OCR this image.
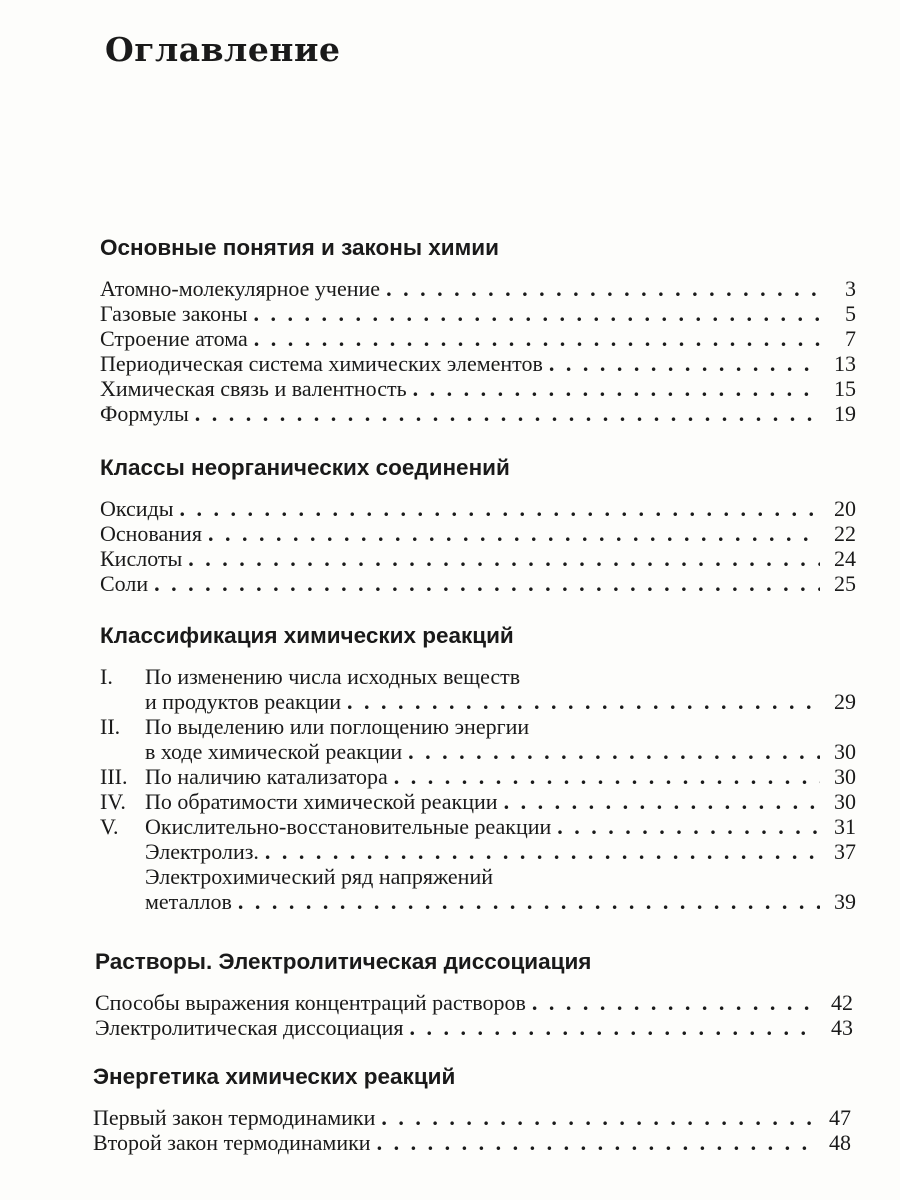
Оглавление
Основные понятия и законы химии
Атомно-молекулярное учение . . .	3
Газовые законы . . .	5
Строение атома . . .	7
Периодическая система химических элементов . . .	13
Химическая связь и валентность . . .	15
Формулы . . .	19
Классы неорганических соединений
Оксиды . . .	20
Основания . . .	22
Кислоты . . .	24
Соли . . .	25
Классификация химических реакций
I.	По изменению числа исходных веществ
и продуктов реакции . . .	29
II.	По выделению или поглощению энергии
в ходе химической реакции . . .	30
III. По наличию катализатора . . .	30
IV. По обратимости химической реакции . . .	30
V.	Окислительно-восстановительные реакции . . .	31
Электролиз. . . .	37
Электрохимический ряд напряжений
металлов . . .	39
Растворы. Электролитическая диссоциация
Способы выражения концентраций растворов . . .	42
Электролитическая диссоциация . . .	43
Энергетика химических реакций
Первый закон термодинамики . . .	47
Второй закон термодинамики . . .	48
